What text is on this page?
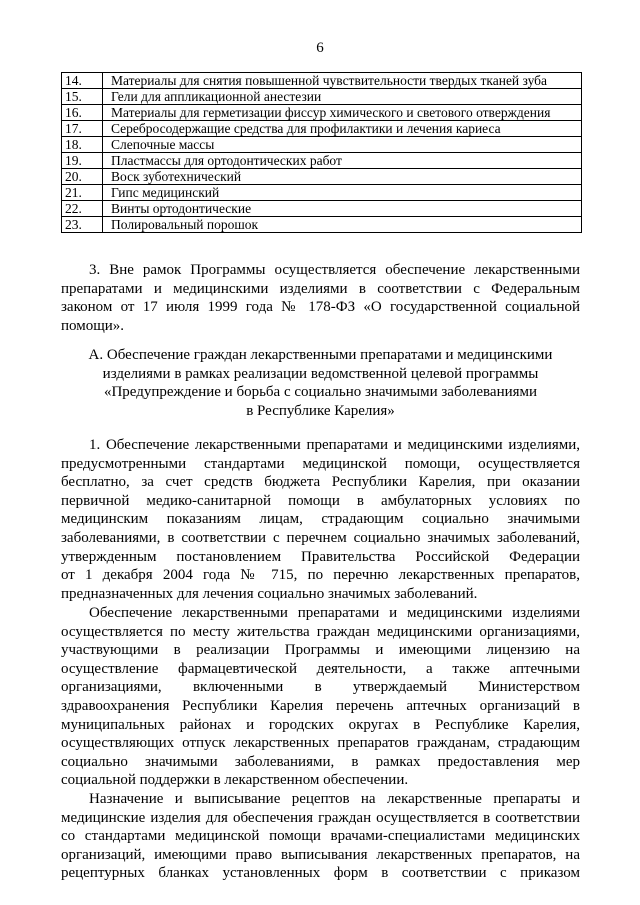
6
14.	Материалы для снятия повышенной чувствительности твердых тканей зуба
15.	Гели для аппликационной анестезии
16.	Материалы для герметизации фиссур химического и светового отверждения
17.	Серебросодержащие средства для профилактики и лечения кариеса
18.	Слепочные массы
19.	Пластмассы для ортодонтических работ
20.	Воск зуботехнический
21.	Гипс медицинский
22.	Винты ортодонтические
23.	Полировальный порошок
3. Вне рамок Программы осуществляется обеспечение лекарственными
препаратами и медицинскими изделиями в соответствии с Федеральным
законом от 17 июля 1999 года № 178-ФЗ «О государственной социальной
помощи».
А. Обеспечение граждан лекарственными препаратами и медицинскими
изделиями в рамках реализации ведомственной целевой программы
«Предупреждение и борьба с социально значимыми заболеваниями
в Республике Карелия»
1. Обеспечение лекарственными препаратами и медицинскими изделиями,
предусмотренными стандартами медицинской помощи, осуществляется
бесплатно, за счет средств бюджета Республики Карелия, при оказании
первичной медико-санитарной помощи в амбулаторных условиях по
медицинским показаниям лицам, страдающим социально значимыми
заболеваниями, в соответствии с перечнем социально значимых заболеваний,
утвержденным постановлением Правительства Российской Федерации
от 1 декабря 2004 года № 715, по перечню лекарственных препаратов,
предназначенных для лечения социально значимых заболеваний.
Обеспечение лекарственными препаратами и медицинскими изделиями
осуществляется по месту жительства граждан медицинскими организациями,
участвующими в реализации Программы и имеющими лицензию на
осуществление фармацевтической деятельности, а также аптечными
организациями, включенными в утверждаемый Министерством
здравоохранения Республики Карелия перечень аптечных организаций в
муниципальных районах и городских округах в Республике Карелия,
осуществляющих отпуск лекарственных препаратов гражданам, страдающим
социально значимыми заболеваниями, в рамках предоставления мер
социальной поддержки в лекарственном обеспечении.
Назначение и выписывание рецептов на лекарственные препараты и
медицинские изделия для обеспечения граждан осуществляется в соответствии
со стандартами медицинской помощи врачами-специалистами медицинских
организаций, имеющими право выписывания лекарственных препаратов, на
рецептурных бланках установленных форм в соответствии с приказом
